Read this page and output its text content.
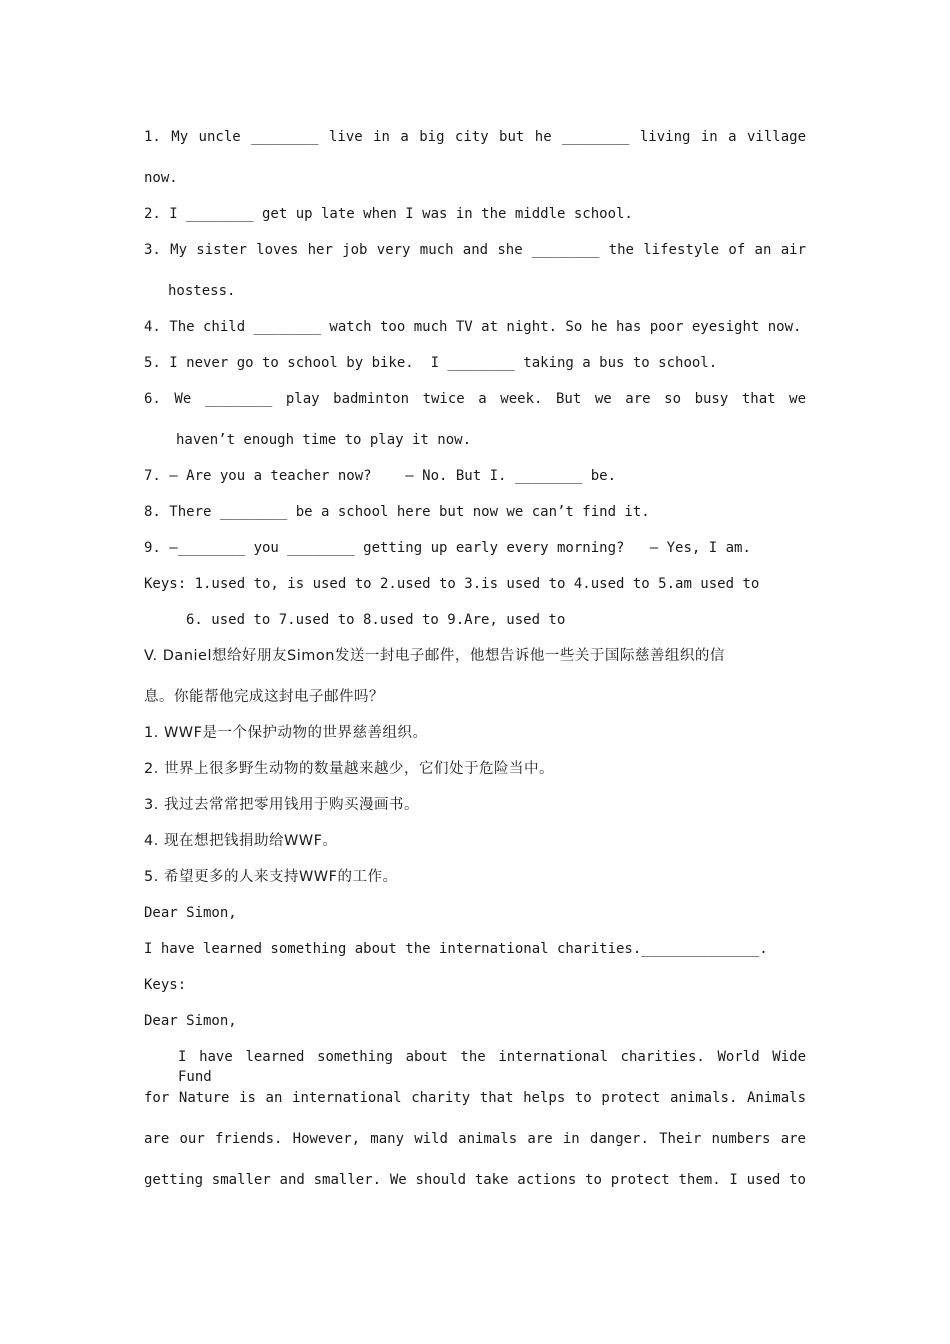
1. My uncle ________ live in a big city but he ________ living in a village
now.
2. I ________ get up late when I was in the middle school.
3. My sister loves her job very much and she ________ the lifestyle of an air
hostess.
4. The child ________ watch too much TV at night. So he has poor eyesight now.
5. I never go to school by bike.  I ________ taking a bus to school.
6. We ________ play badminton twice a week. But we are so busy that we
haven’t enough time to play it now.
7. — Are you a teacher now?    — No. But I. ________ be.
8. There ________ be a school here but now we can’t find it.
9. —________ you ________ getting up early every morning?   — Yes, I am.
Keys: 1.used to, is used to 2.used to 3.is used to 4.used to 5.am used to
6. used to 7.used to 8.used to 9.Are, used to
V. Daniel想给好朋友Simon发送一封电子邮件，他想告诉他一些关于国际慈善组织的信
息。你能帮他完成这封电子邮件吗？
1. WWF是一个保护动物的世界慈善组织。
2. 世界上很多野生动物的数量越来越少，它们处于危险当中。
3. 我过去常常把零用钱用于购买漫画书。
4. 现在想把钱捐助给WWF。
5. 希望更多的人来支持WWF的工作。
Dear Simon,
I have learned something about the international charities.______________.
Keys:
Dear Simon,
I have learned something about the international charities. World Wide Fund
for Nature is an international charity that helps to protect animals. Animals
are our friends. However, many wild animals are in danger. Their numbers are
getting smaller and smaller. We should take actions to protect them. I used to
